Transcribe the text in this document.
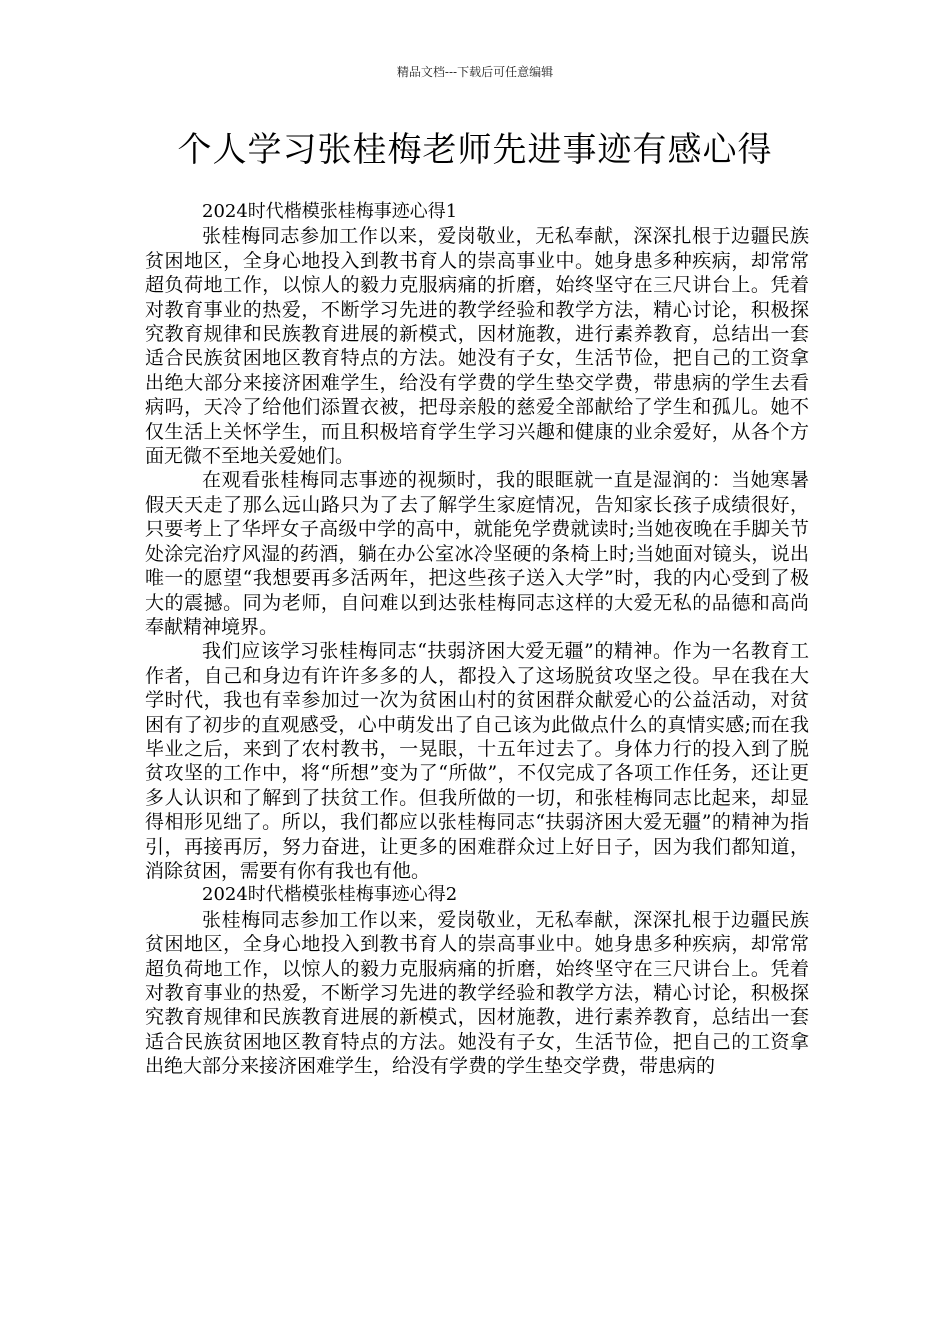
精品文档---下载后可任意编辑
个人学习张桂梅老师先进事迹有感心得
2024时代楷模张桂梅事迹心得1

张桂梅同志参加工作以来，爱岗敬业，无私奉献，深深扎根于边疆民族贫困地区，全身心地投入到教书育人的崇高事业中。她身患多种疾病，却常常超负荷地工作，以惊人的毅力克服病痛的折磨，始终坚守在三尺讲台上。凭着对教育事业的热爱，不断学习先进的教学经验和教学方法，精心讨论，积极探究教育规律和民族教育进展的新模式，因材施教，进行素养教育，总结出一套适合民族贫困地区教育特点的方法。她没有子女，生活节俭，把自己的工资拿出绝大部分来接济困难学生，给没有学费的学生垫交学费，带患病的学生去看病吗，天冷了给他们添置衣被，把母亲般的慈爱全部献给了学生和孤儿。她不仅生活上关怀学生，而且积极培育学生学习兴趣和健康的业余爱好，从各个方面无微不至地关爱她们。

在观看张桂梅同志事迹的视频时，我的眼眶就一直是湿润的：当她寒暑假天天走了那么远山路只为了去了解学生家庭情况，告知家长孩子成绩很好，只要考上了华坪女子高级中学的高中，就能免学费就读时;当她夜晚在手脚关节处涂完治疗风湿的药酒，躺在办公室冰冷坚硬的条椅上时;当她面对镜头，说出唯一的愿望“我想要再多活两年，把这些孩子送入大学”时，我的内心受到了极大的震撼。同为老师，自问难以到达张桂梅同志这样的大爱无私的品德和高尚奉献精神境界。

我们应该学习张桂梅同志“扶弱济困大爱无疆”的精神。作为一名教育工作者，自己和身边有许许多多的人，都投入了这场脱贫攻坚之役。早在我在大学时代，我也有幸参加过一次为贫困山村的贫困群众献爱心的公益活动，对贫困有了初步的直观感受，心中萌发出了自己该为此做点什么的真情实感;而在我毕业之后，来到了农村教书，一晃眼，十五年过去了。身体力行的投入到了脱贫攻坚的工作中，将“所想”变为了“所做”，不仅完成了各项工作任务，还让更多人认识和了解到了扶贫工作。但我所做的一切，和张桂梅同志比起来，却显得相形见绌了。所以，我们都应以张桂梅同志“扶弱济困大爱无疆”的精神为指引，再接再厉，努力奋进，让更多的困难群众过上好日子，因为我们都知道，消除贫困，需要有你有我也有他。

2024时代楷模张桂梅事迹心得2

张桂梅同志参加工作以来，爱岗敬业，无私奉献，深深扎根于边疆民族贫困地区，全身心地投入到教书育人的崇高事业中。她身患多种疾病，却常常超负荷地工作，以惊人的毅力克服病痛的折磨，始终坚守在三尺讲台上。凭着对教育事业的热爱，不断学习先进的教学经验和教学方法，精心讨论，积极探究教育规律和民族教育进展的新模式，因材施教，进行素养教育，总结出一套适合民族贫困地区教育特点的方法。她没有子女，生活节俭，把自己的工资拿出绝大部分来接济困难学生，给没有学费的学生垫交学费，带患病的
